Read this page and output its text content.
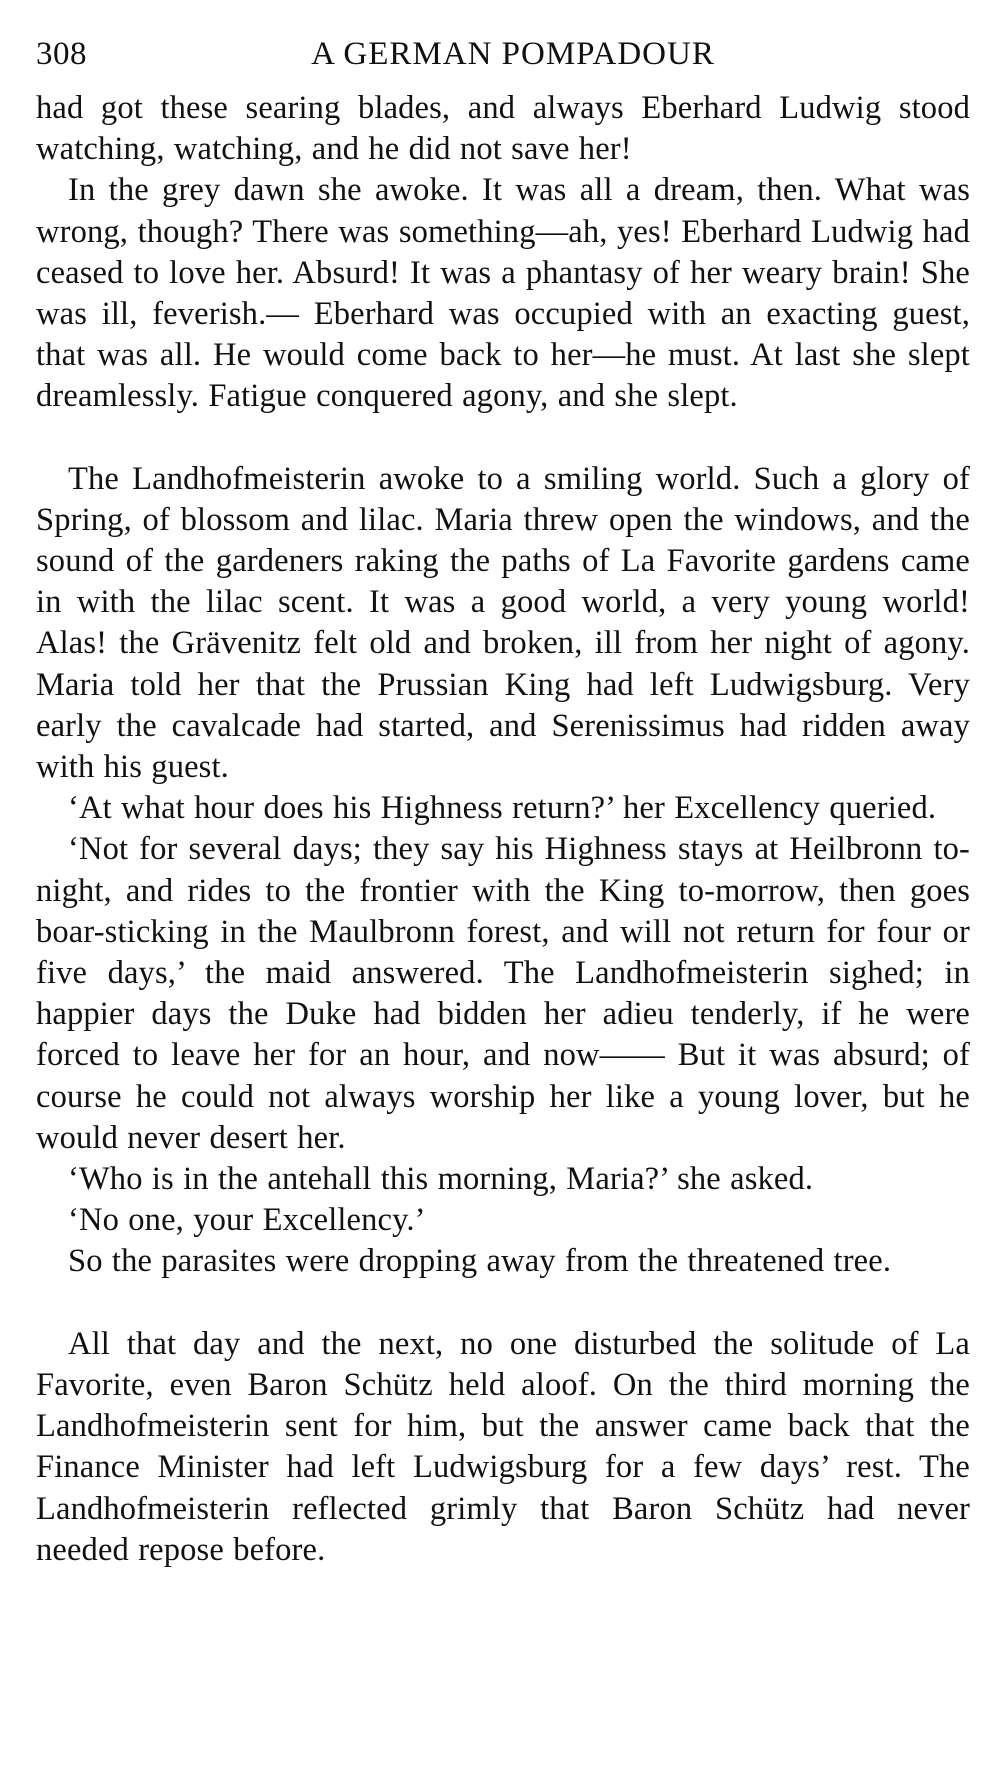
308	A GERMAN POMPADOUR

had got these searing blades, and always Eberhard Ludwig stood watching, watching, and he did not save her!

In the grey dawn she awoke. It was all a dream, then. What was wrong, though? There was something—ah, yes! Eberhard Ludwig had ceased to love her. Absurd! It was a phantasy of her weary brain! She was ill, feverish.— Eberhard was occupied with an exacting guest, that was all. He would come back to her—he must. At last she slept dreamlessly. Fatigue conquered agony, and she slept.

The Landhofmeisterin awoke to a smiling world. Such a glory of Spring, of blossom and lilac. Maria threw open the windows, and the sound of the gardeners raking the paths of La Favorite gardens came in with the lilac scent. It was a good world, a very young world! Alas! the Grävenitz felt old and broken, ill from her night of agony. Maria told her that the Prussian King had left Ludwigsburg. Very early the cavalcade had started, and Serenissimus had ridden away with his guest.

‘At what hour does his Highness return?’ her Excellency queried.

‘Not for several days; they say his Highness stays at Heilbronn to-night, and rides to the frontier with the King to-morrow, then goes boar-sticking in the Maulbronn forest, and will not return for four or five days,’ the maid answered. The Landhofmeisterin sighed; in happier days the Duke had bidden her adieu tenderly, if he were forced to leave her for an hour, and now—— But it was absurd; of course he could not always worship her like a young lover, but he would never desert her.

‘Who is in the antehall this morning, Maria?’ she asked.

‘No one, your Excellency.’

So the parasites were dropping away from the threatened tree.

All that day and the next, no one disturbed the solitude of La Favorite, even Baron Schütz held aloof. On the third morning the Landhofmeisterin sent for him, but the answer came back that the Finance Minister had left Ludwigsburg for a few days’ rest. The Landhofmeisterin reflected grimly that Baron Schütz had never needed repose before.
